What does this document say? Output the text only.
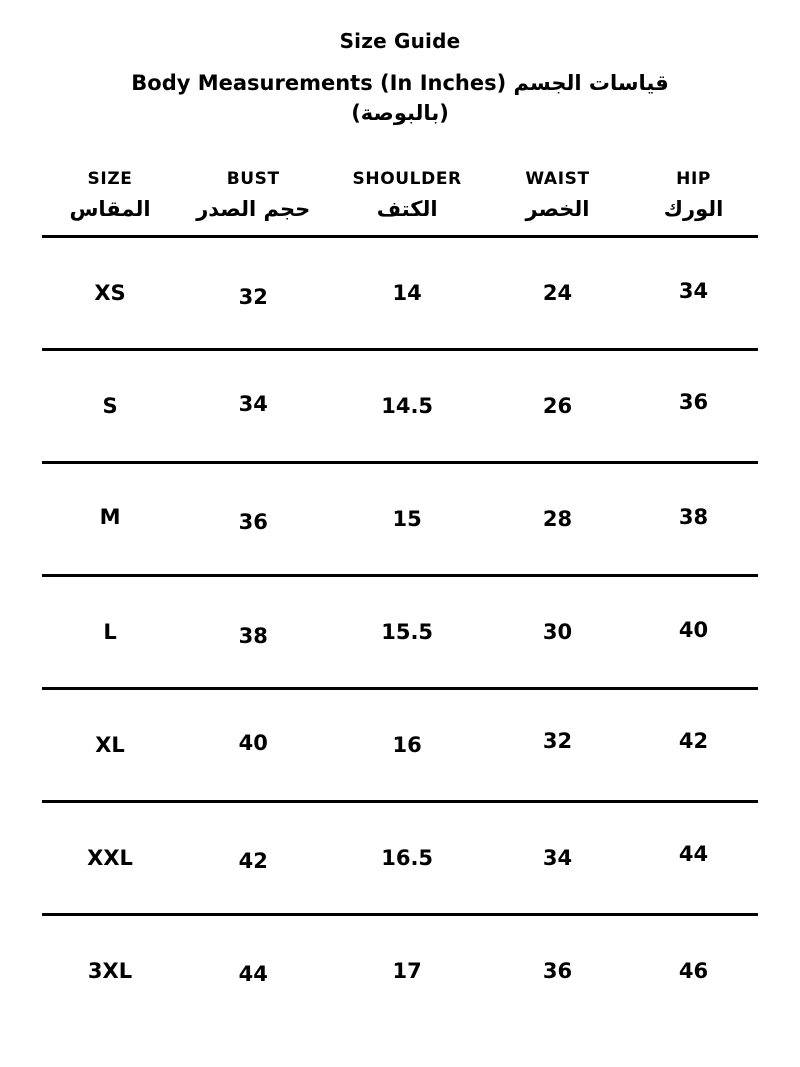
Size Guide
Body Measurements (In Inches) قياسات الجسم (بالبوصة)
SIZE	BUST	SHOULDER	WAIST	HIP
المقاس	حجم الصدر	الكتف	الخصر	الورك
XS	32	14	24	34
S	34	14.5	26	36
M	36	15	28	38
L	38	15.5	30	40
XL	40	16	32	42
XXL	42	16.5	34	44
3XL	44	17	36	46
